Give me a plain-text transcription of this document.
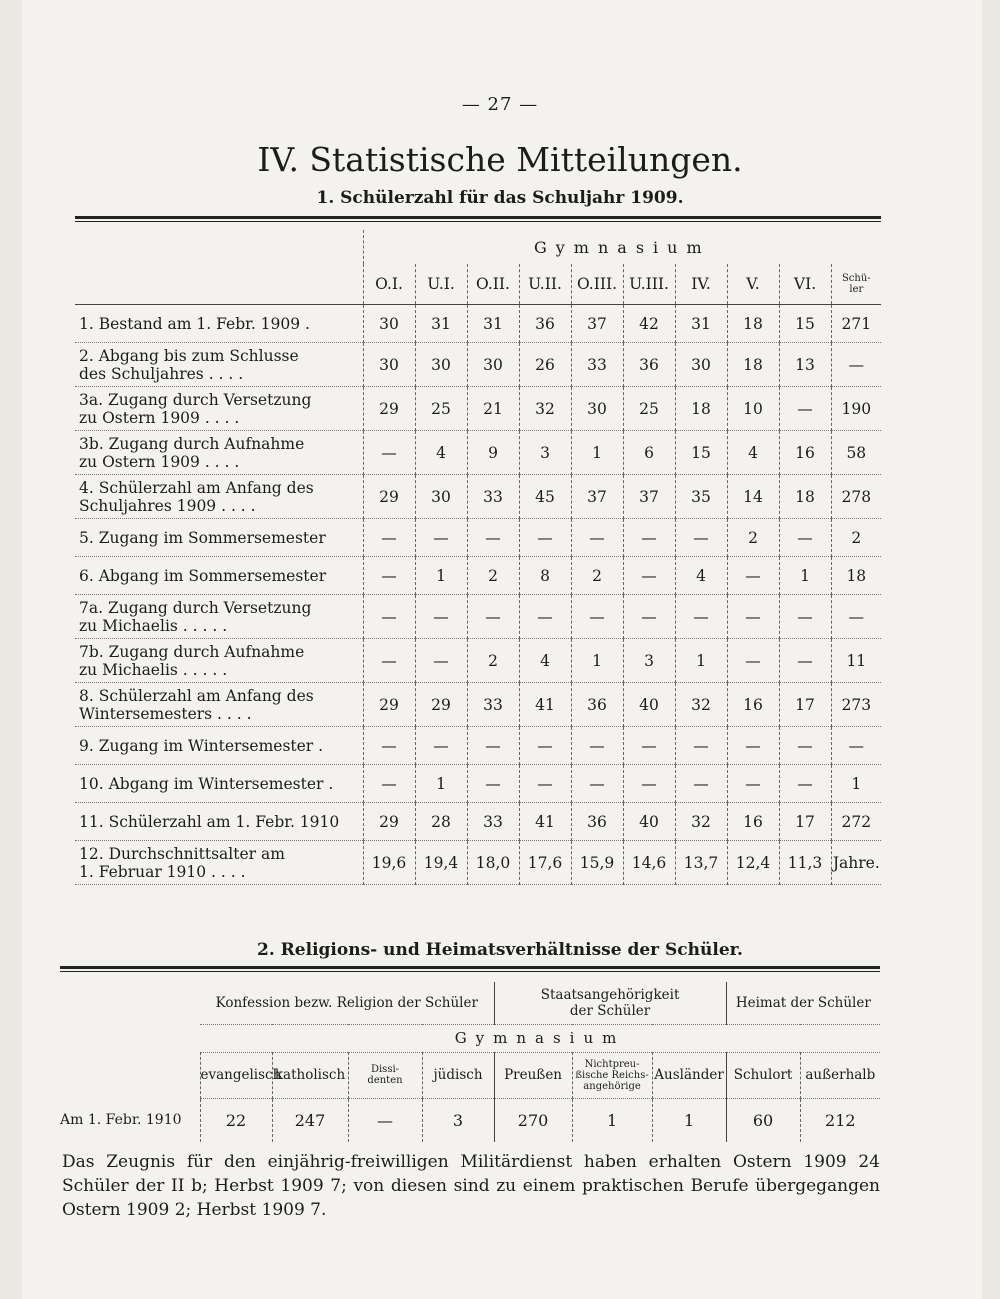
— 27 —
IV. Statistische Mitteilungen.
1. Schülerzahl für das Schuljahr 1909.
	Gymnasium									
	O.I.	U.I.	O.II.	U.II.	O.III.	U.III.	IV.	V.	VI.	Schü-
ler
1. Bestand am 1. Febr. 1909 .	30	31	31	36	37	42	31	18	15	271
2. Abgang bis zum Schlusse
des Schuljahres . . . .	30	30	30	26	33	36	30	18	13	—
3a. Zugang durch Versetzung
zu Ostern 1909 . . . .	29	25	21	32	30	25	18	10	—	190
3b. Zugang durch Aufnahme
zu Ostern 1909 . . . .	—	4	9	3	1	6	15	4	16	58
4. Schülerzahl am Anfang des
Schuljahres 1909 . . . .	29	30	33	45	37	37	35	14	18	278
5. Zugang im Sommersemester	—	—	—	—	—	—	—	2	—	2
6. Abgang im Sommersemester	—	1	2	8	2	—	4	—	1	18
7a. Zugang durch Versetzung
zu Michaelis . . . . .	—	—	—	—	—	—	—	—	—	—
7b. Zugang durch Aufnahme
zu Michaelis . . . . .	—	—	2	4	1	3	1	—	—	11
8. Schülerzahl am Anfang des
Wintersemesters . . . .	29	29	33	41	36	40	32	16	17	273
9. Zugang im Wintersemester .	—	—	—	—	—	—	—	—	—	—
10. Abgang im Wintersemester .	—	1	—	—	—	—	—	—	—	1
11. Schülerzahl am 1. Febr. 1910	29	28	33	41	36	40	32	16	17	272
12. Durchschnittsalter am
1. Februar 1910 . . . .	19,6	19,4	18,0	17,6	15,9	14,6	13,7	12,4	11,3	Jahre.
2. Religions- und Heimatsverhältnisse der Schüler.
	Konfession bezw. Religion der Schüler				Staatsangehörigkeit
der Schüler			Heimat der Schüler	
	Gymnasium								
	evangelisch	katholisch	Dissi-
denten	jüdisch	Preußen	Nichtpreu-
ßische Reichs-
angehörige	Ausländer	Schulort	außerhalb
Am 1. Febr. 1910	22	247	—	3	270	1	1	60	212
Das Zeugnis für den einjährig-freiwilligen Militärdienst haben erhalten Ostern 1909 24 Schüler der II b; Herbst 1909 7; von diesen sind zu einem praktischen Berufe übergegangen Ostern 1909 2; Herbst 1909 7.
